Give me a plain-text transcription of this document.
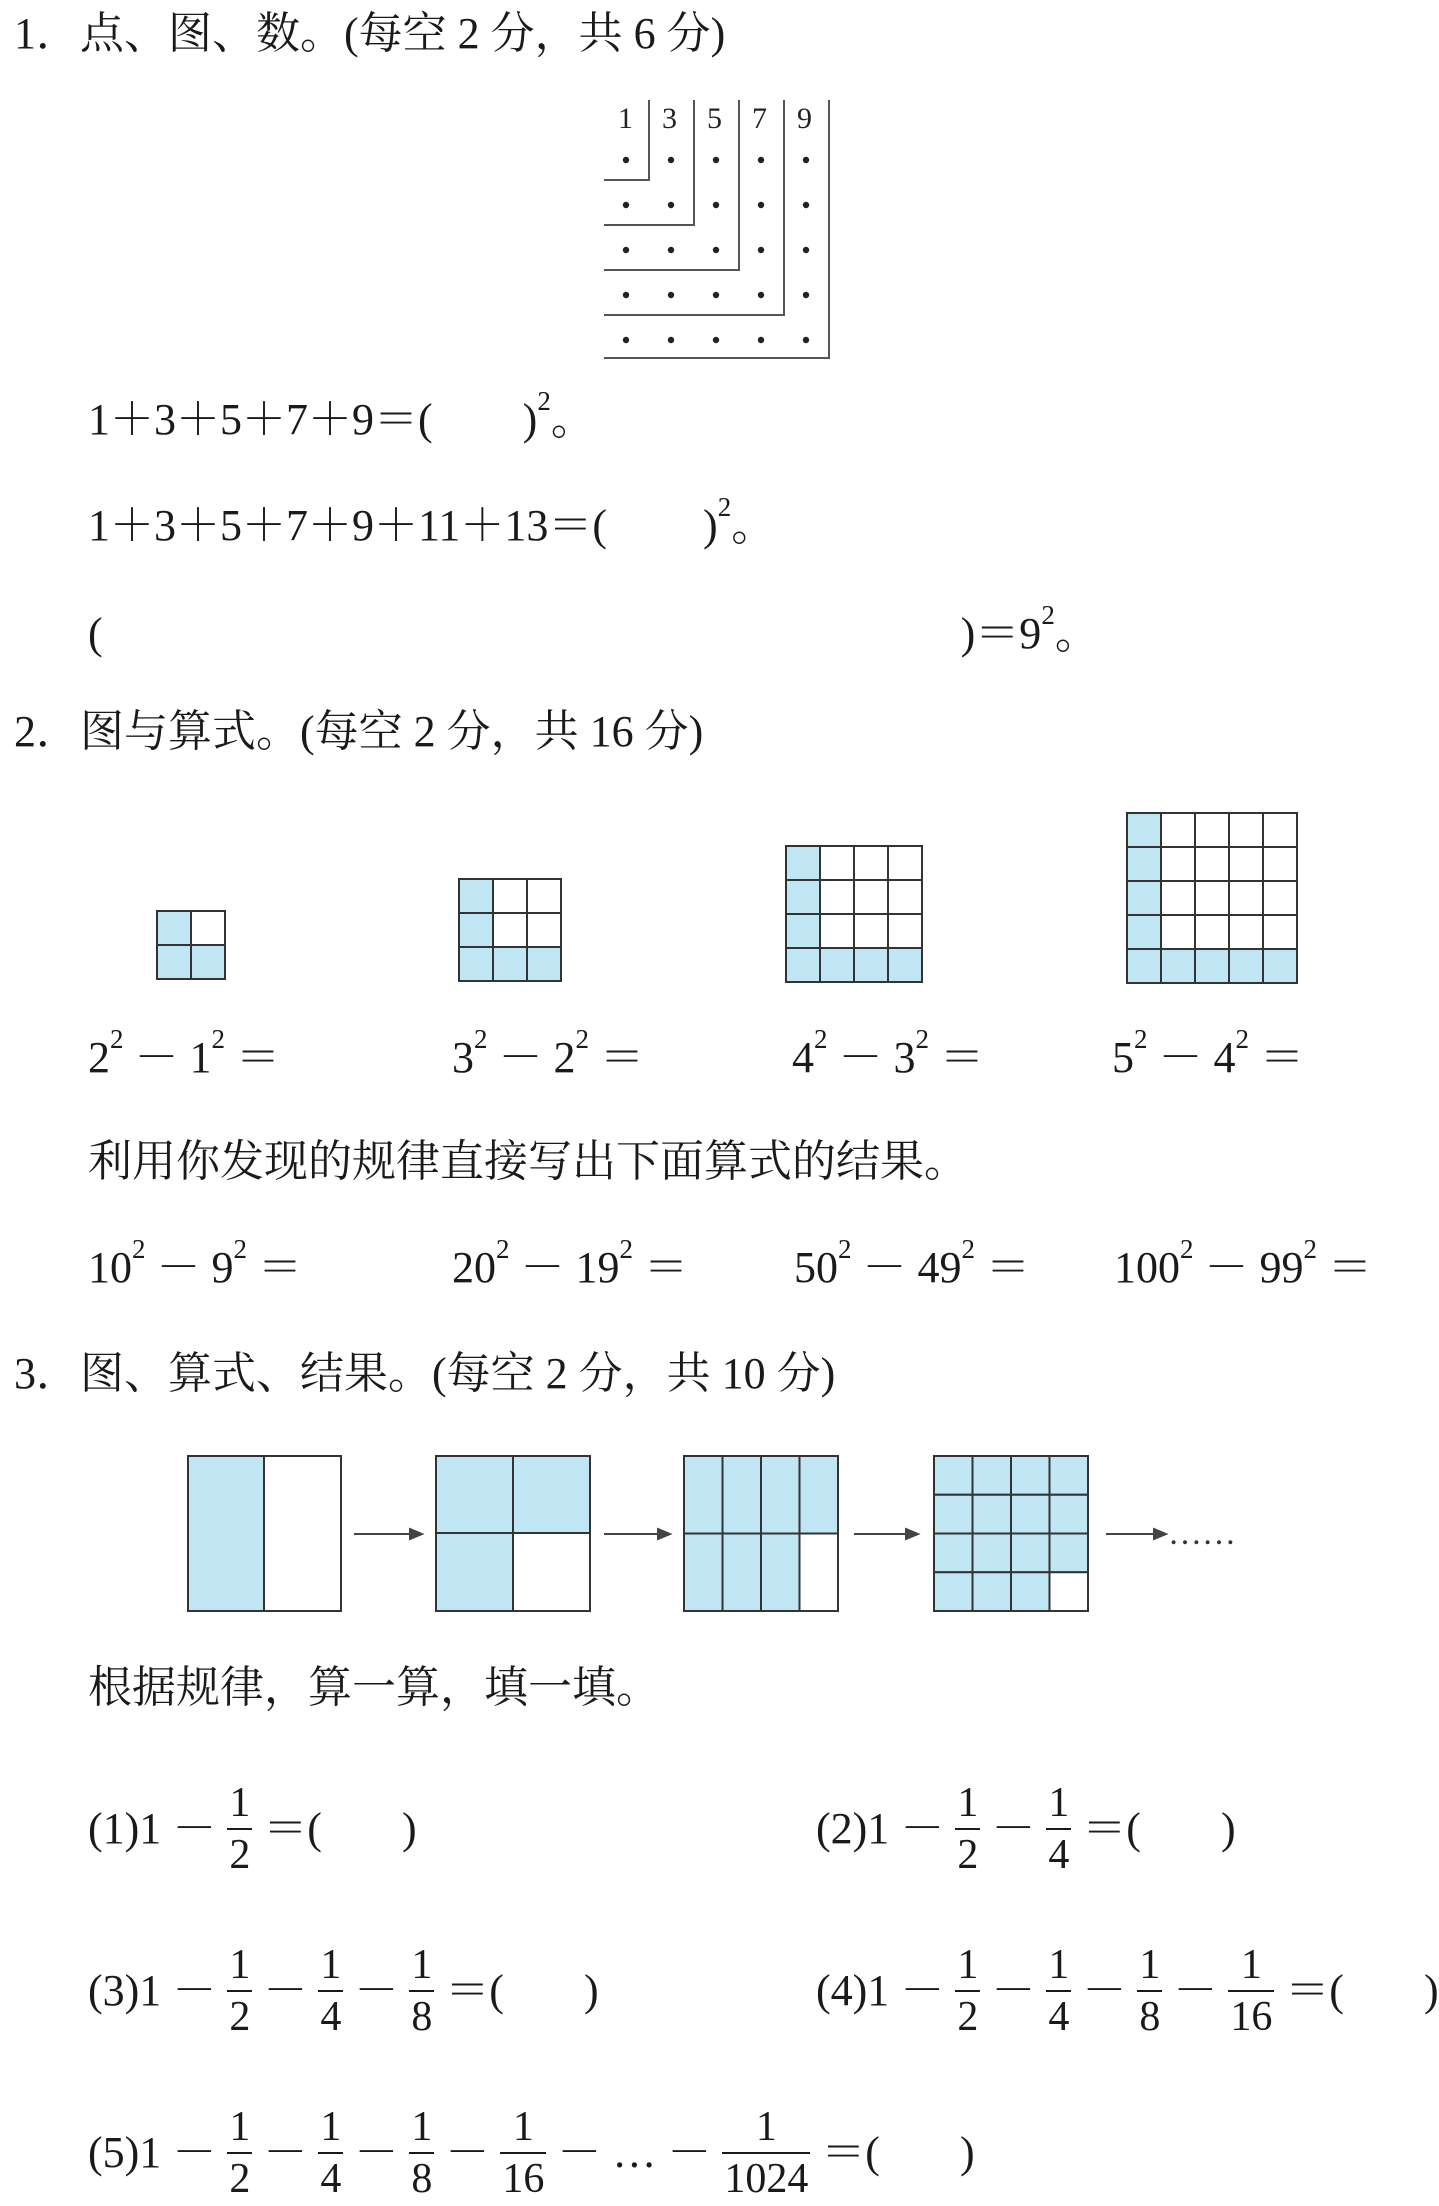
1．点、图、数。(每空 2 分，共 6 分)
1 3 5 7 9
1＋3＋5＋7＋9＝( )$^2$。
1＋3＋5＋7＋9＋11＋13＝( )$^2$。
(	)$=9^2$。
2．图与算式。(每空 2 分，共 16 分)
$2^2 - 1^2$ ＝	$3^2 - 2^2$ ＝	$4^2 - 3^2$ ＝	$5^2 - 4^2$ ＝
利用你发现的规律直接写出下面算式的结果。
$10^2 - 9^2$ ＝	$20^2 - 19^2 = 50^2 - 49^2 = 100^2 - 99^2$ ＝
3．图、算式、结果。(每空 2 分，共 10 分)
……
根据规律，算一算，填一填。
$(1)1 - \frac{1}{2}$ ＝( )	$(2)1 - \frac{1}{2} - \frac{1}{4}$ ＝( )
$(3)1 - \frac{1}{2} - \frac{1}{4} - \frac{1}{8}$ ＝( )	$(4)1 - \frac{1}{2} - \frac{1}{4} - \frac{1}{8} - \frac{1}{16}$ ＝( )
$(5)1 - \frac{1}{2} - \frac{1}{4} - \frac{1}{8} - \frac{1}{16}$ － … － $\frac{1}{1024}$ ＝( )
